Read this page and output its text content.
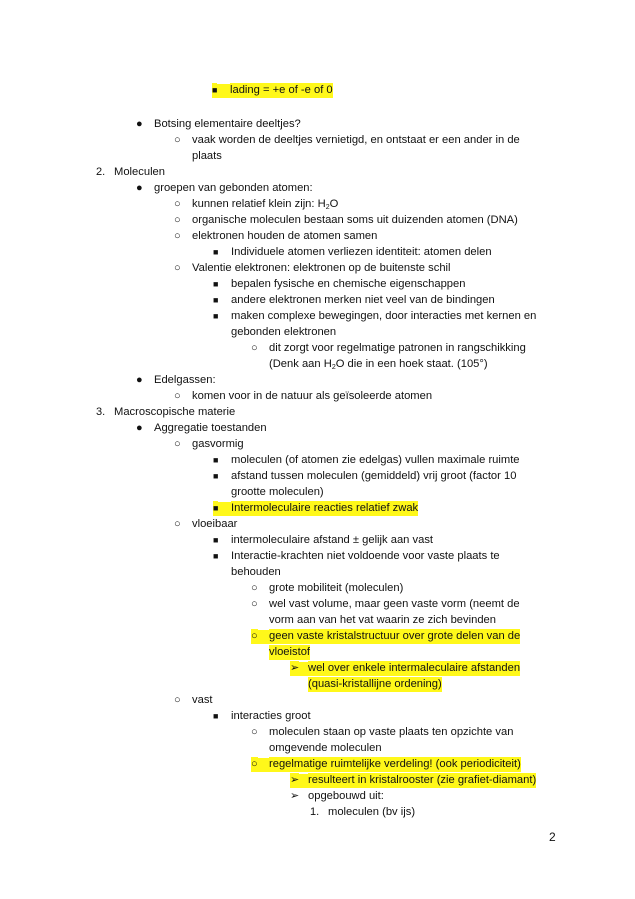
■ lading = +e of -e of 0
● Botsing elementaire deeltjes?
○ vaak worden de deeltjes vernietigd, en ontstaat er een ander in de
plaats
2. Moleculen
● groepen van gebonden atomen:
○ kunnen relatief klein zijn: $H_2O$
○ organische moleculen bestaan soms uit duizenden atomen (DNA)
○ elektronen houden de atomen samen
■ Individuele atomen verliezen identiteit: atomen delen
○ Valentie elektronen: elektronen op de buitenste schil
■ bepalen fysische en chemische eigenschappen
■ andere elektronen merken niet veel van de bindingen
■ maken complexe bewegingen, door interacties met kernen en
gebonden elektronen
○ dit zorgt voor regelmatige patronen in rangschikking
(Denk aan $H_2O$ die in een hoek staat. (105°)
● Edelgassen:
○ komen voor in de natuur als geïsoleerde atomen
3. Macroscopische materie
● Aggregatie toestanden
○ gasvormig
■ moleculen (of atomen zie edelgas) vullen maximale ruimte
■ afstand tussen moleculen (gemiddeld) vrij groot (factor 10
grootte moleculen)
■ Intermoleculaire reacties relatief zwak
○ vloeibaar
■ intermoleculaire afstand ± gelijk aan vast
■ Interactie-krachten niet voldoende voor vaste plaats te
behouden
○ grote mobiliteit (moleculen)
○ wel vast volume, maar geen vaste vorm (neemt de
vorm aan van het vat waarin ze zich bevinden
○ geen vaste kristalstructuur over grote delen van de
vloeistof
➢ wel over enkele intermaleculaire afstanden
(quasi-kristallijne ordening)
○ vast
■ interacties groot
○ moleculen staan op vaste plaats ten opzichte van
omgevende moleculen
○ regelmatige ruimtelijke verdeling! (ook periodiciteit)
➢ resulteert in kristalrooster (zie grafiet-diamant)
➢ opgebouwd uit:
1. moleculen (bv ijs)
2
